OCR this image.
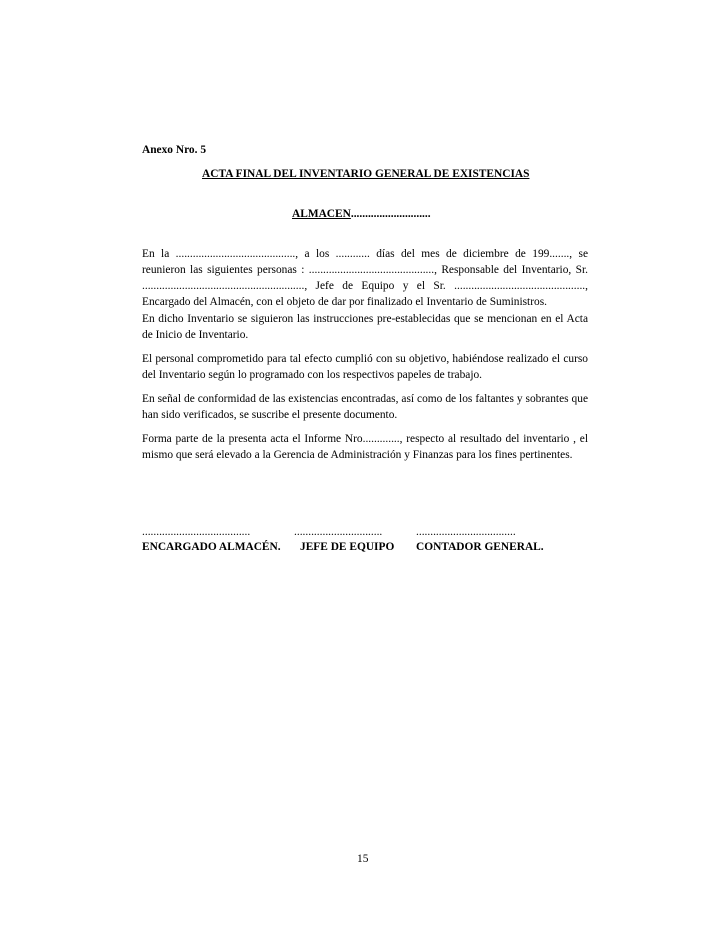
Anexo Nro. 5
ACTA FINAL DEL INVENTARIO GENERAL DE EXISTENCIAS
ALMACEN............................
En la .........................................., a los ............ días del mes de diciembre de 199......., se
reunieron las siguientes personas : ............................................, Responsable del Inventario, Sr.
........................................................., Jefe de Equipo y el Sr. ..............................................,
Encargado del Almacén, con el objeto de dar por finalizado el Inventario de Suministros.
En dicho Inventario se siguieron las instrucciones pre-establecidas que se mencionan en el Acta
de Inicio de Inventario.
El personal comprometido para tal efecto cumplió con su objetivo, habiéndose realizado el curso
del Inventario según lo programado con los respectivos papeles de trabajo.
En señal de conformidad de las existencias encontradas, así como de los faltantes y sobrantes que
han sido verificados, se suscribe el presente documento.
Forma parte de la presenta acta el Informe Nro............., respecto al resultado del inventario , el
mismo que será elevado a la Gerencia de Administración y Finanzas para los fines pertinentes.
......................................
ENCARGADO ALMACÉN.
...............................
JEFE DE EQUIPO
...................................
CONTADOR GENERAL.
15
